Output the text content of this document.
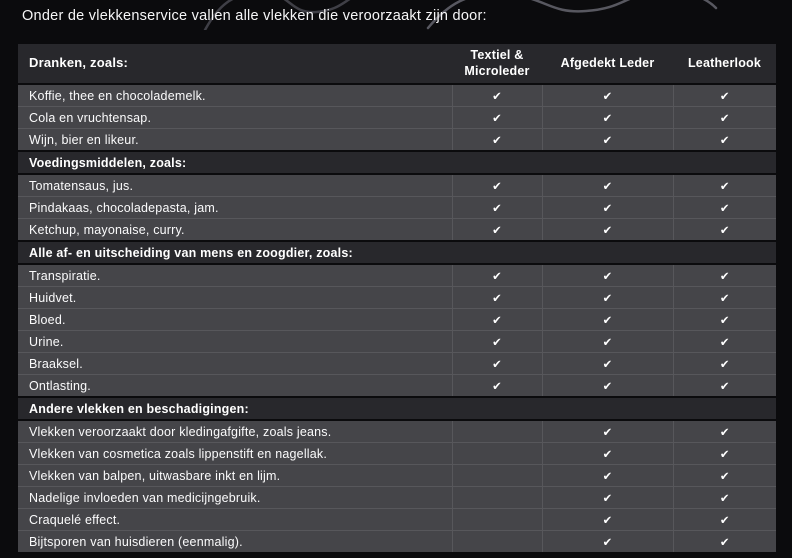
Onder de vlekkenservice vallen alle vlekken die veroorzaakt zijn door:
Dranken, zoals:	Textiel & Microleder	Afgedekt Leder	Leatherlook
Koffie, thee en chocolademelk.	✔	✔	✔
Cola en vruchtensap.	✔	✔	✔
Wijn, bier en likeur.	✔	✔	✔
Voedingsmiddelen, zoals:			
Tomatensaus, jus.	✔	✔	✔
Pindakaas, chocoladepasta, jam.	✔	✔	✔
Ketchup, mayonaise, curry.	✔	✔	✔
Alle af- en uitscheiding van mens en zoogdier, zoals:			
Transpiratie.	✔	✔	✔
Huidvet.	✔	✔	✔
Bloed.	✔	✔	✔
Urine.	✔	✔	✔
Braaksel.	✔	✔	✔
Ontlasting.	✔	✔	✔
Andere vlekken en beschadigingen:			
Vlekken veroorzaakt door kledingafgifte, zoals jeans.		✔	✔
Vlekken van cosmetica zoals lippenstift en nagellak.		✔	✔
Vlekken van balpen, uitwasbare inkt en lijm.		✔	✔
Nadelige invloeden van medicijngebruik.		✔	✔
Craquelé effect.		✔	✔
Bijtsporen van huisdieren (eenmalig).		✔	✔
